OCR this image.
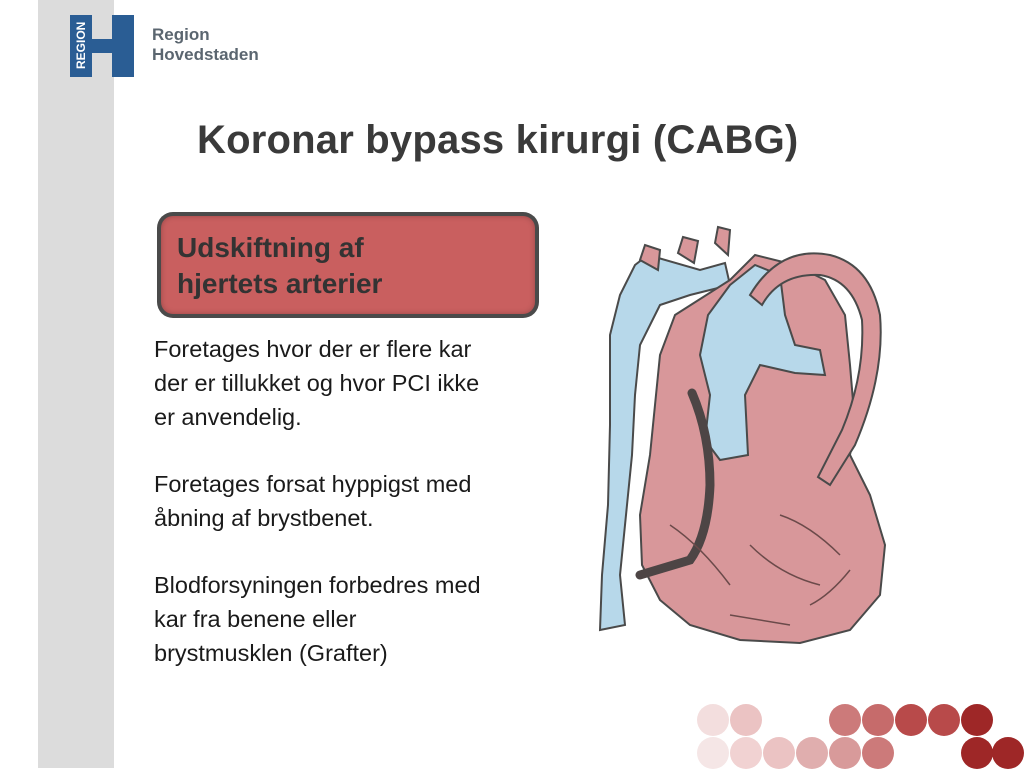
REGION	Region
Hovedstaden
Koronar bypass kirurgi (CABG)
Udskiftning af
hjertets arterier

Foretages hvor der er flere kar
der er tillukket og hvor PCI ikke
er anvendelig.

Foretages forsat hyppigst med
åbning af brystbenet.

Blodforsyningen forbedres med
kar fra benene eller
brystmusklen (Grafter)
